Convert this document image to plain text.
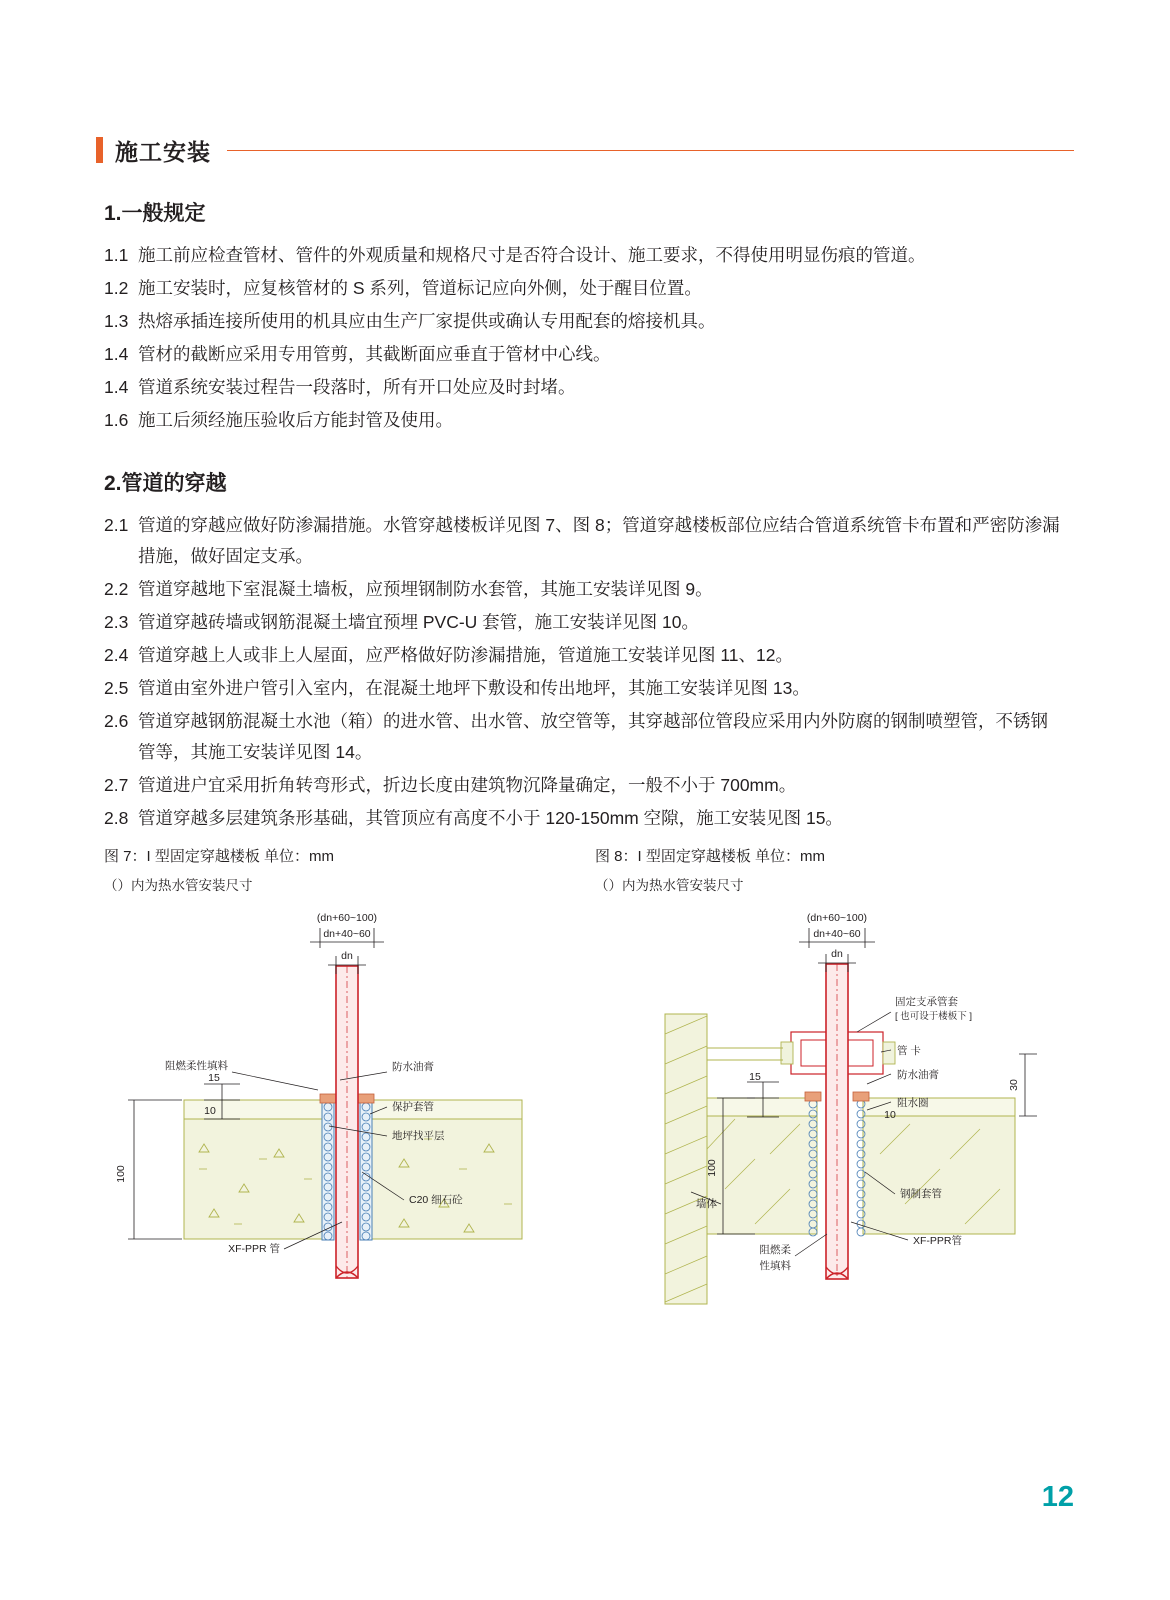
施工安装
1.一般规定
1.1 施工前应检查管材、管件的外观质量和规格尺寸是否符合设计、施工要求，不得使用明显伤痕的管道。
1.2 施工安装时，应复核管材的 S 系列，管道标记应向外侧，处于醒目位置。
1.3 热熔承插连接所使用的机具应由生产厂家提供或确认专用配套的熔接机具。
1.4 管材的截断应采用专用管剪，其截断面应垂直于管材中心线。
1.4 管道系统安装过程告一段落时，所有开口处应及时封堵。
1.6 施工后须经施压验收后方能封管及使用。
2.管道的穿越
2.1 管道的穿越应做好防渗漏措施。水管穿越楼板详见图 7、图 8；管道穿越楼板部位应结合管道系统管卡布置和严密防渗漏措施，做好固定支承。
2.2 管道穿越地下室混凝土墙板，应预埋钢制防水套管，其施工安装详见图 9。
2.3 管道穿越砖墙或钢筋混凝土墙宜预埋 PVC-U 套管，施工安装详见图 10。
2.4 管道穿越上人或非上人屋面，应严格做好防渗漏措施，管道施工安装详见图 11、12。
2.5 管道由室外进户管引入室内，在混凝土地坪下敷设和传出地坪，其施工安装详见图 13。
2.6 管道穿越钢筋混凝土水池（箱）的进水管、出水管、放空管等，其穿越部位管段应采用内外防腐的钢制喷塑管，不锈钢管等，其施工安装详见图 14。
2.7 管道进户宜采用折角转弯形式，折边长度由建筑物沉降量确定，一般不小于 700mm。
2.8 管道穿越多层建筑条形基础，其管顶应有高度不小于 120-150mm 空隙，施工安装见图 15。
图 7：I 型固定穿越楼板 单位：mm
（）内为热水管安装尺寸
dn
dn+40~60
(dn+60~100)
100
15
10
阻燃柔性填料	防水油膏
保护套管
地坪找平层
C20 细石砼
XF-PPR 管
图 8：I 型固定穿越楼板 单位：mm
（）内为热水管安装尺寸
dn
dn+40~60
(dn+60~100)
100
15
10
30
固定支承管套
[ 也可设于楼板下 ]
管 卡
防水油膏
阻水圈
钢制套管
墙体
阻燃柔
性填料
XF-PPR管
12
